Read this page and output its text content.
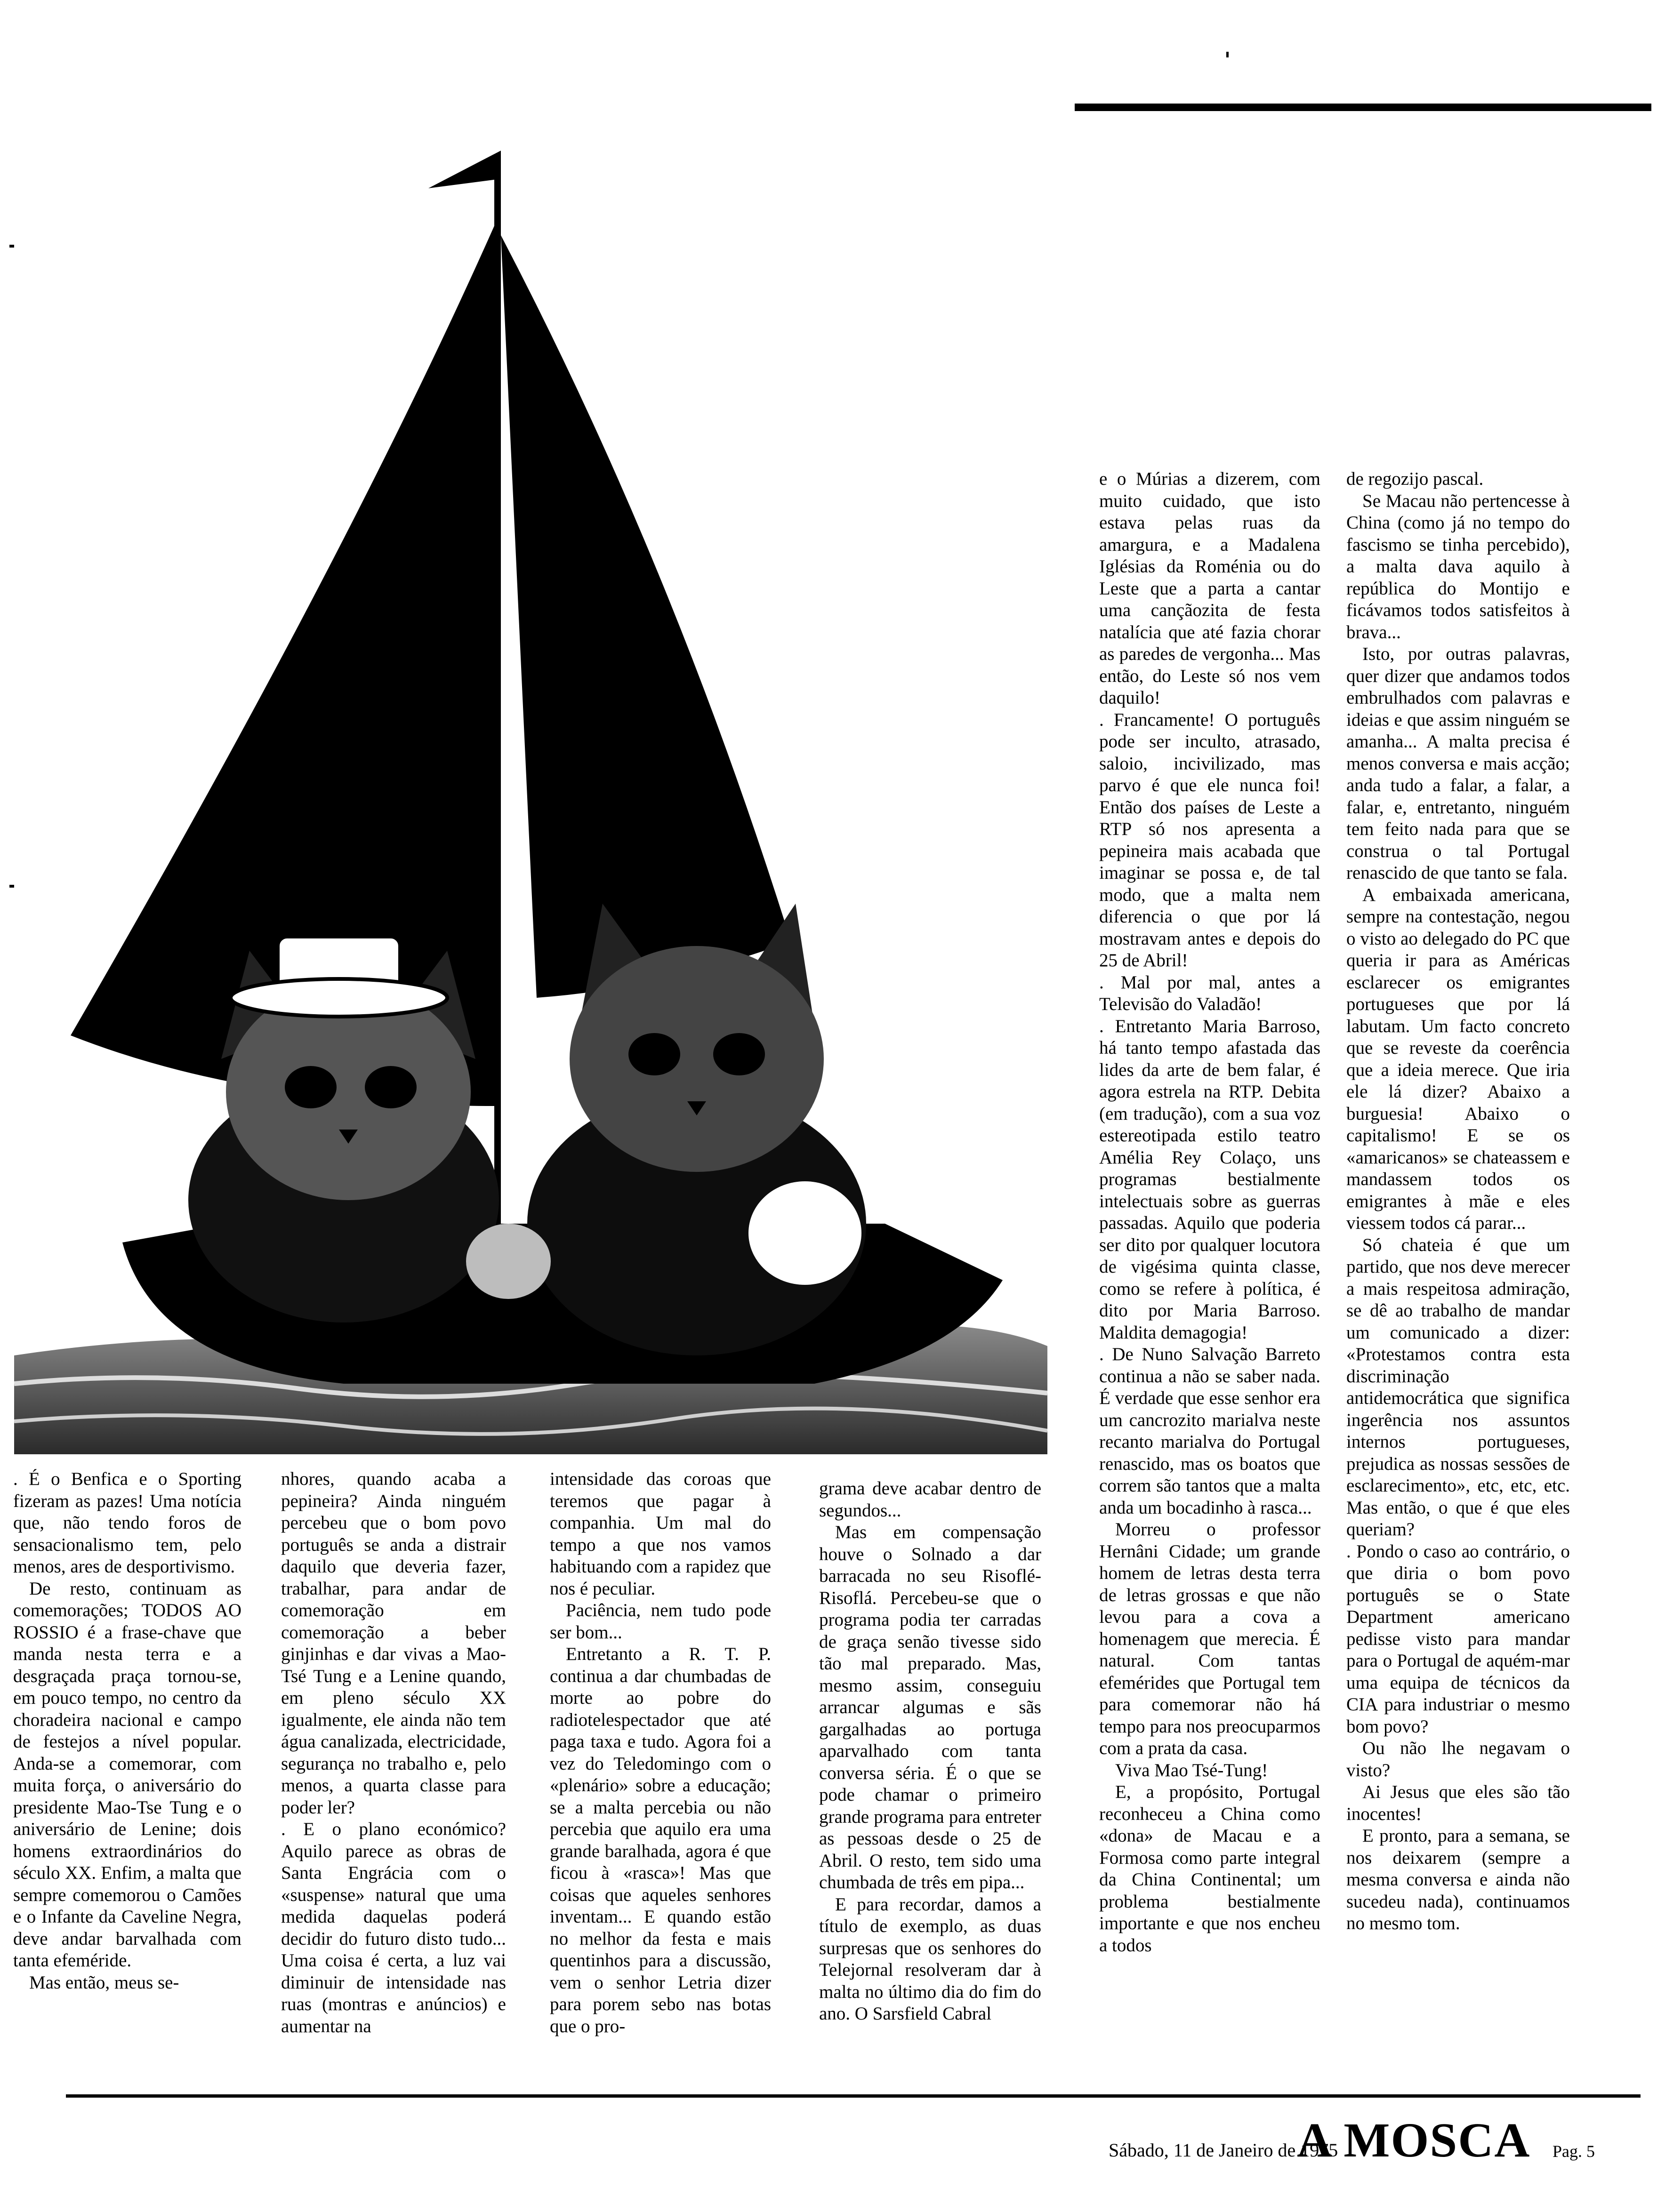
. É o Benfica e o Sporting fizeram as pazes! Uma notícia que, não tendo foros de sensacionalismo tem, pelo menos, ares de desportivismo.

De resto, continuam as comemorações; TODOS AO ROSSIO é a frase-chave que manda nesta terra e a desgraçada praça tornou-se, em pouco tempo, no centro da choradeira nacional e campo de festejos a nível popular. Anda-se a comemorar, com muita força, o aniversário do presidente Mao-Tse Tung e o aniversário de Lenine; dois homens extraordinários do século XX. Enfim, a malta que sempre comemorou o Camões e o Infante da Caveline Negra, deve andar barvalhada com tanta efeméride.

Mas então, meus se-

nhores, quando acaba a pepineira? Ainda ninguém percebeu que o bom povo português se anda a distrair daquilo que deveria fazer, trabalhar, para andar de comemoração em comemoração a beber ginjinhas e dar vivas a Mao-Tsé Tung e a Lenine quando, em pleno século XX igualmente, ele ainda não tem água canalizada, electricidade, segurança no trabalho e, pelo menos, a quarta classe para poder ler?

. E o plano económico? Aquilo parece as obras de Santa Engrácia com o «suspense» natural que uma medida daquelas poderá decidir do futuro disto tudo... Uma coisa é certa, a luz vai diminuir de intensidade nas ruas (montras e anúncios) e aumentar na

intensidade das coroas que teremos que pagar à companhia. Um mal do tempo a que nos vamos habituando com a rapidez que nos é peculiar.

Paciência, nem tudo pode ser bom...

Entretanto a R. T. P. continua a dar chumbadas de morte ao pobre do radiotelespectador que até paga taxa e tudo. Agora foi a vez do Teledomingo com o «plenário» sobre a educação; se a malta percebia ou não percebia que aquilo era uma grande baralhada, agora é que ficou à «rasca»! Mas que coisas que aqueles senhores inventam... E quando estão no melhor da festa e mais quentinhos para a discussão, vem o senhor Letria dizer para porem sebo nas botas que o pro-

grama deve acabar dentro de segundos...

Mas em compensação houve o Solnado a dar barracada no seu Risoflé-Risoflá. Percebeu-se que o programa podia ter carradas de graça senão tivesse sido tão mal preparado. Mas, mesmo assim, conseguiu arrancar algumas e sãs gargalhadas ao portuga aparvalhado com tanta conversa séria. É o que se pode chamar o primeiro grande programa para entreter as pessoas desde o 25 de Abril. O resto, tem sido uma chumbada de três em pipa...

E para recordar, damos a título de exemplo, as duas surpresas que os senhores do Telejornal resolveram dar à malta no último dia do fim do ano. O Sarsfield Cabral

e o Múrias a dizerem, com muito cuidado, que isto estava pelas ruas da amargura, e a Madalena Iglésias da Roménia ou do Leste que a parta a cantar uma cançãozita de festa natalícia que até fazia chorar as paredes de vergonha... Mas então, do Leste só nos vem daquilo!

. Francamente! O português pode ser inculto, atrasado, saloio, incivilizado, mas parvo é que ele nunca foi! Então dos países de Leste a RTP só nos apresenta a pepineira mais acabada que imaginar se possa e, de tal modo, que a malta nem diferencia o que por lá mostravam antes e depois do 25 de Abril!

. Mal por mal, antes a Televisão do Valadão!

. Entretanto Maria Barroso, há tanto tempo afastada das lides da arte de bem falar, é agora estrela na RTP. Debita (em tradução), com a sua voz estereotipada estilo teatro Amélia Rey Colaço, uns programas bestialmente intelectuais sobre as guerras passadas. Aquilo que poderia ser dito por qualquer locutora de vigésima quinta classe, como se refere à política, é dito por Maria Barroso. Maldita demagogia!

. De Nuno Salvação Barreto continua a não se saber nada. É verdade que esse senhor era um cancrozito marialva neste recanto marialva do Portugal renascido, mas os boatos que correm são tantos que a malta anda um bocadinho à rasca...

Morreu o professor Hernâni Cidade; um grande homem de letras desta terra de letras grossas e que não levou para a cova a homenagem que merecia. É natural. Com tantas efemérides que Portugal tem para comemorar não há tempo para nos preocuparmos com a prata da casa.

Viva Mao Tsé-Tung!

E, a propósito, Portugal reconheceu a China como «dona» de Macau e a Formosa como parte integral da China Continental; um problema bestialmente importante e que nos encheu a todos

de regozijo pascal.

Se Macau não pertencesse à China (como já no tempo do fascismo se tinha percebido), a malta dava aquilo à república do Montijo e ficávamos todos satisfeitos à brava...

Isto, por outras palavras, quer dizer que andamos todos embrulhados com palavras e ideias e que assim ninguém se amanha... A malta precisa é menos conversa e mais acção; anda tudo a falar, a falar, a falar, e, entretanto, ninguém tem feito nada para que se construa o tal Portugal renascido de que tanto se fala.

A embaixada americana, sempre na contestação, negou o visto ao delegado do PC que queria ir para as Américas esclarecer os emigrantes portugueses que por lá labutam. Um facto concreto que se reveste da coerência que a ideia merece. Que iria ele lá dizer? Abaixo a burguesia! Abaixo o capitalismo! E se os «amaricanos» se chateassem e mandassem todos os emigrantes à mãe e eles viessem todos cá parar...

Só chateia é que um partido, que nos deve merecer a mais respeitosa admiração, se dê ao trabalho de mandar um comunicado a dizer: «Protestamos contra esta discriminação antidemocrática que significa ingerência nos assuntos internos portugueses, prejudica as nossas sessões de esclarecimento», etc, etc, etc. Mas então, o que é que eles queriam?

. Pondo o caso ao contrário, o que diria o bom povo português se o State Department americano pedisse visto para mandar para o Portugal de aquém-mar uma equipa de técnicos da CIA para industriar o mesmo bom povo?

Ou não lhe negavam o visto?

Ai Jesus que eles são tão inocentes!

E pronto, para a semana, se nos deixarem (sempre a mesma conversa e ainda não sucedeu nada), continuamos no mesmo tom.

Sábado, 11 de Janeiro de 1975
A MOSCA Pag. 5
